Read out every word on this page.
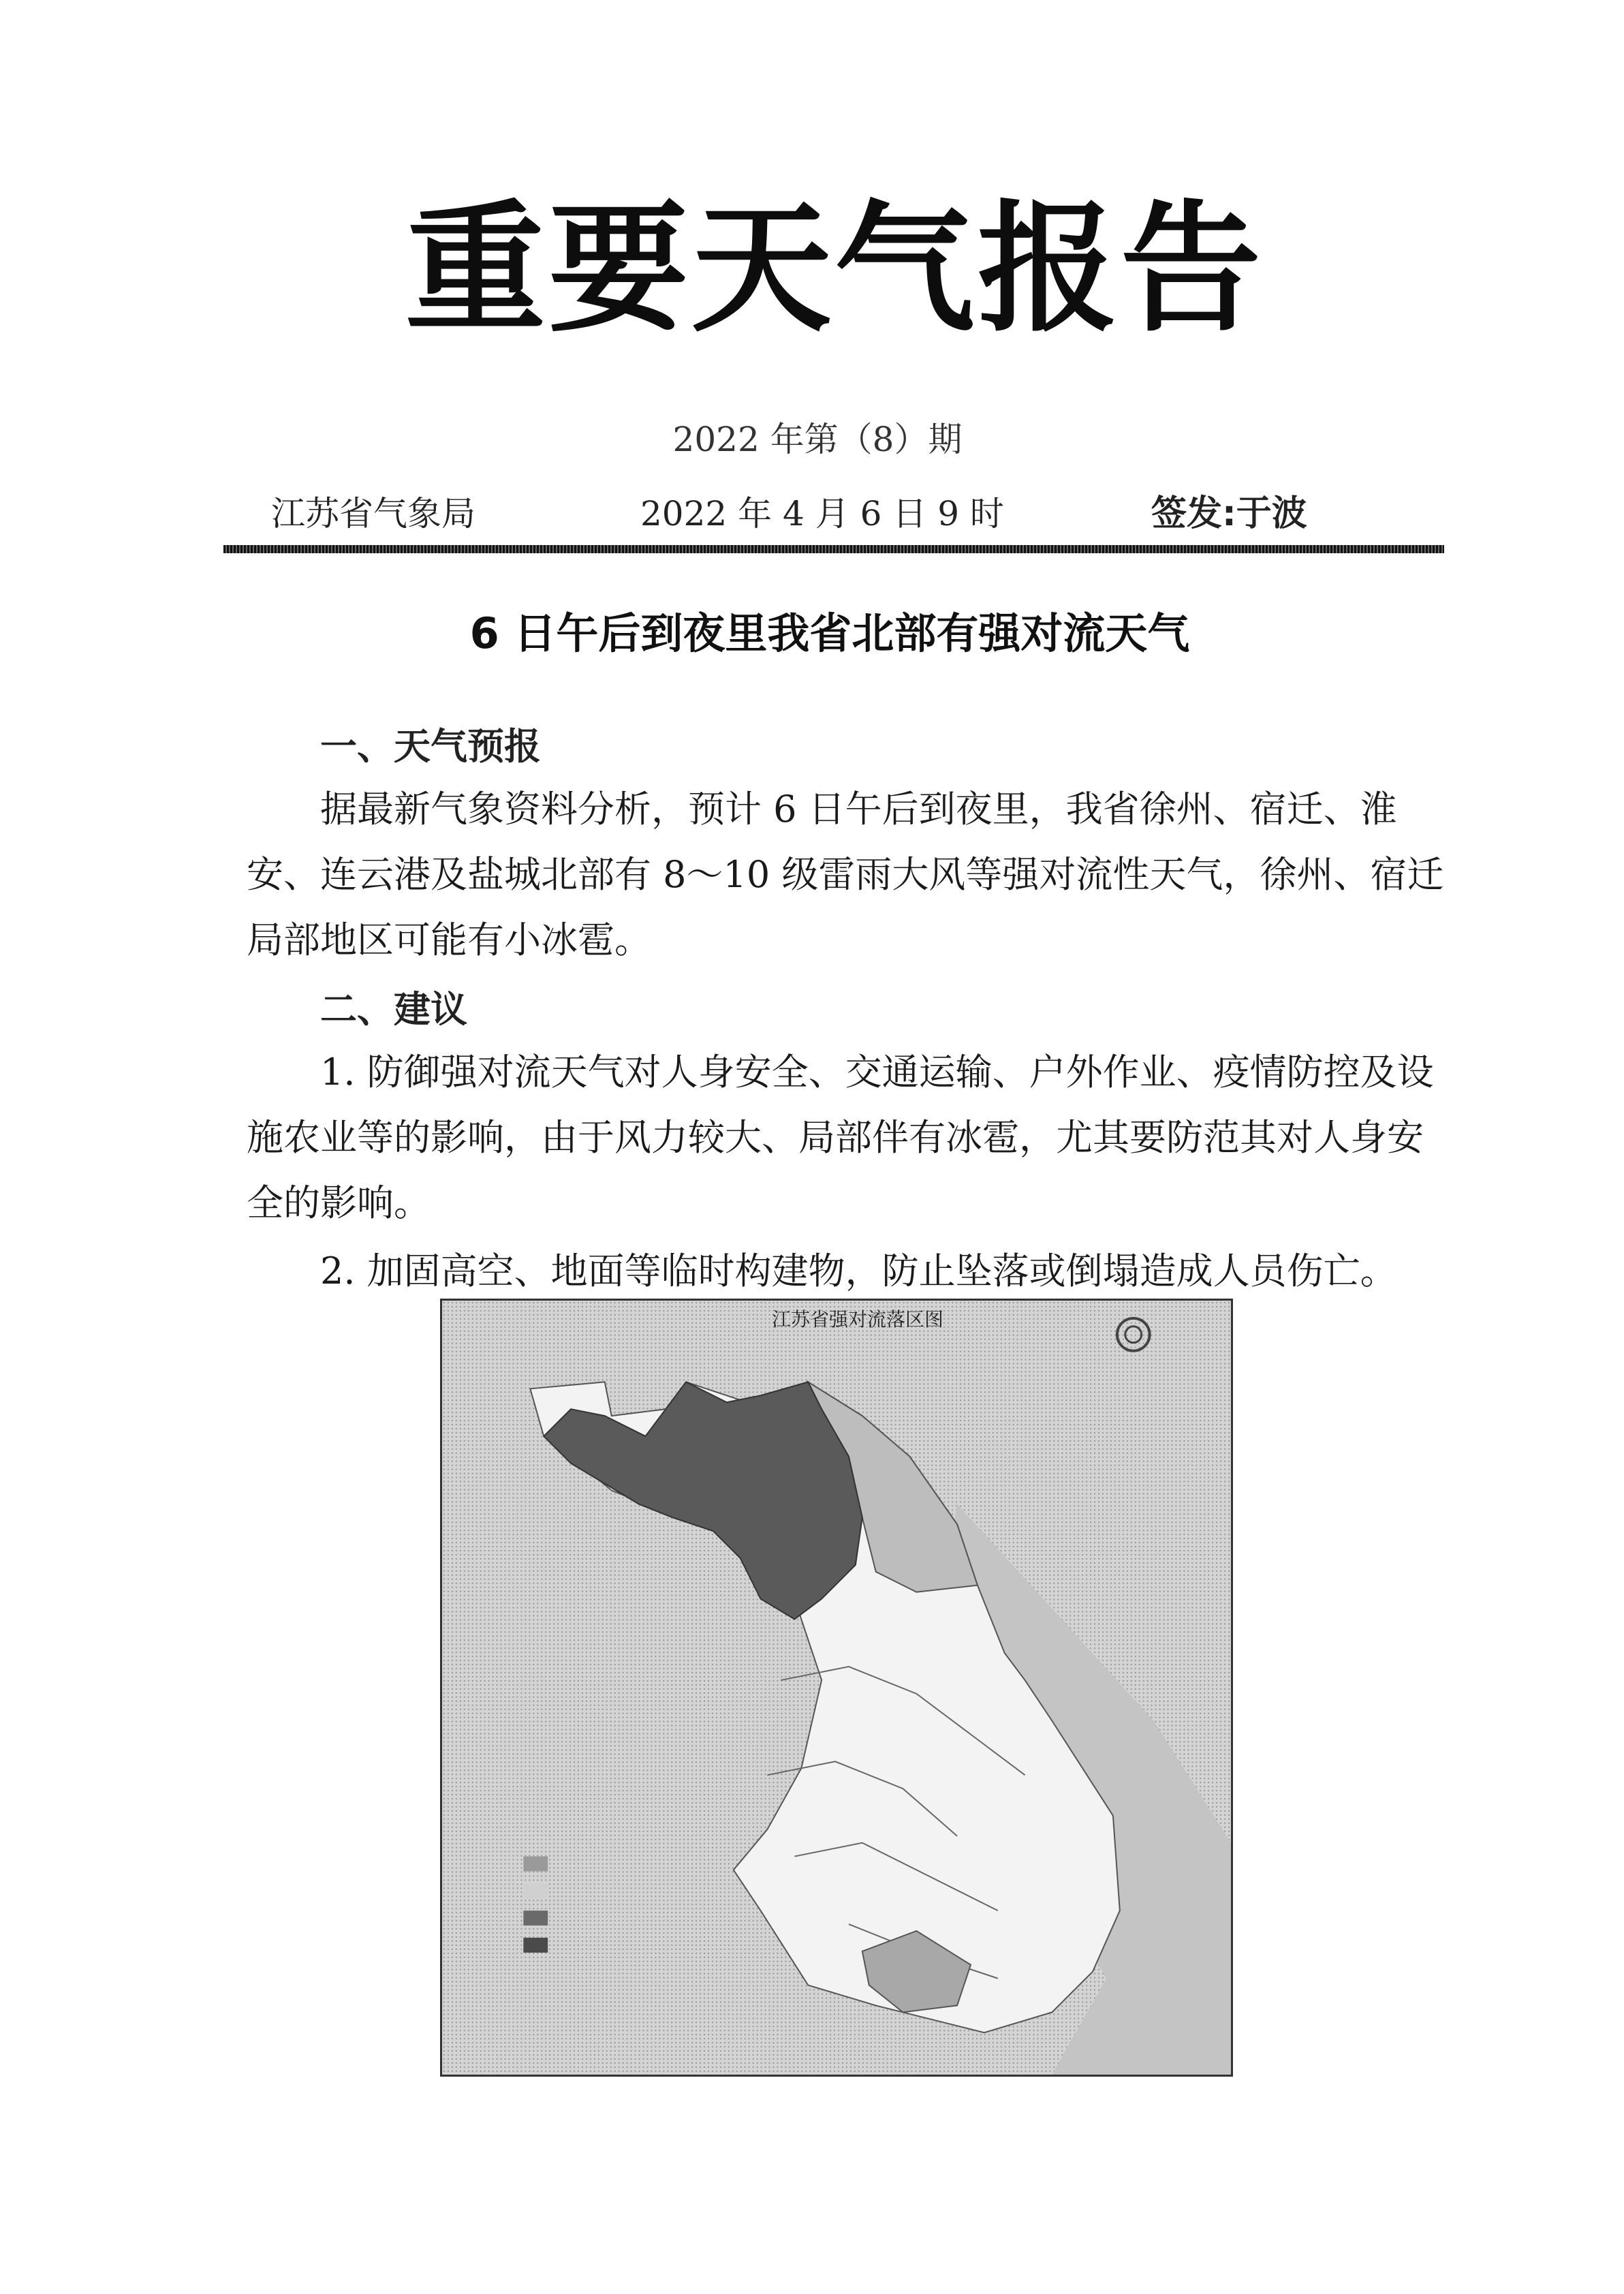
重要天气报告
2022 年第（8）期
江苏省气象局	2022 年 4 月 6 日 9 时	签发:于波
6 日午后到夜里我省北部有强对流天气
一、天气预报
据最新气象资料分析，预计 6 日午后到夜里，我省徐州、宿迁、淮安、连云港及盐城北部有 8～10 级雷雨大风等强对流性天气，徐州、宿迁局部地区可能有小冰雹。
二、建议
1. 防御强对流天气对人身安全、交通运输、户外作业、疫情防控及设施农业等的影响，由于风力较大、局部伴有冰雹，尤其要防范其对人身安全的影响。
2. 加固高空、地面等临时构建物，防止坠落或倒塌造成人员伤亡。
江苏省强对流落区图
